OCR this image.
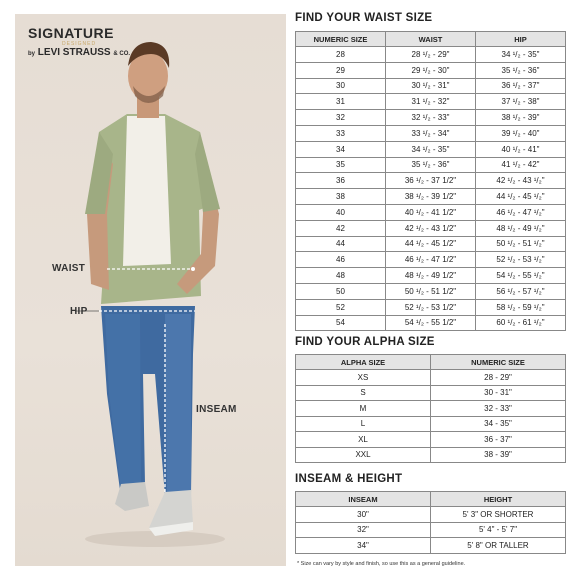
SIGNATURE
DESIGNED
by LEVI STRAUSS & CO.
WAIST
HIP
INSEAM
FIND YOUR WAIST SIZE
NUMERIC SIZE	WAIST	HIP
28	28 ¹/₂ - 29"	34 ¹/₂ - 35"
29	29 ¹/₂ - 30"	35 ¹/₂ - 36"
30	30 ¹/₂ - 31"	36 ¹/₂ - 37"
31	31 ¹/₂ - 32"	37 ¹/₂ - 38"
32	32 ¹/₂ - 33"	38 ¹/₂ - 39"
33	33 ¹/₂ - 34"	39 ¹/₂ - 40"
34	34 ¹/₂ - 35"	40 ¹/₂ - 41"
35	35 ¹/₂ - 36"	41 ¹/₂ - 42"
36	36 ¹/₂ - 37 1/2"	42 ¹/₂ - 43 ¹/₂"
38	38 ¹/₂ - 39 1/2"	44 ¹/₂ - 45 ¹/₂"
40	40 ¹/₂ - 41 1/2"	46 ¹/₂ - 47 ¹/₂"
42	42 ¹/₂ - 43 1/2"	48 ¹/₂ - 49 ¹/₂"
44	44 ¹/₂ - 45 1/2"	50 ¹/₂ - 51 ¹/₂"
46	46 ¹/₂ - 47 1/2"	52 ¹/₂ - 53 ¹/₂"
48	48 ¹/₂ - 49 1/2"	54 ¹/₂ - 55 ¹/₂"
50	50 ¹/₂ - 51 1/2"	56 ¹/₂ - 57 ¹/₂"
52	52 ¹/₂ - 53 1/2"	58 ¹/₂ - 59 ¹/₂"
54	54 ¹/₂ - 55 1/2"	60 ¹/₂ - 61 ¹/₂"
FIND YOUR ALPHA SIZE
ALPHA SIZE	NUMERIC SIZE
XS	28 - 29"
S	30 - 31"
M	32 - 33"
L	34 - 35"
XL	36 - 37"
XXL	38 - 39"
INSEAM & HEIGHT
INSEAM	HEIGHT
30"	5' 3" OR SHORTER
32"	5' 4" - 5' 7"
34"	5' 8" OR TALLER
* Size can vary by style and finish, so use this as a general guideline.
